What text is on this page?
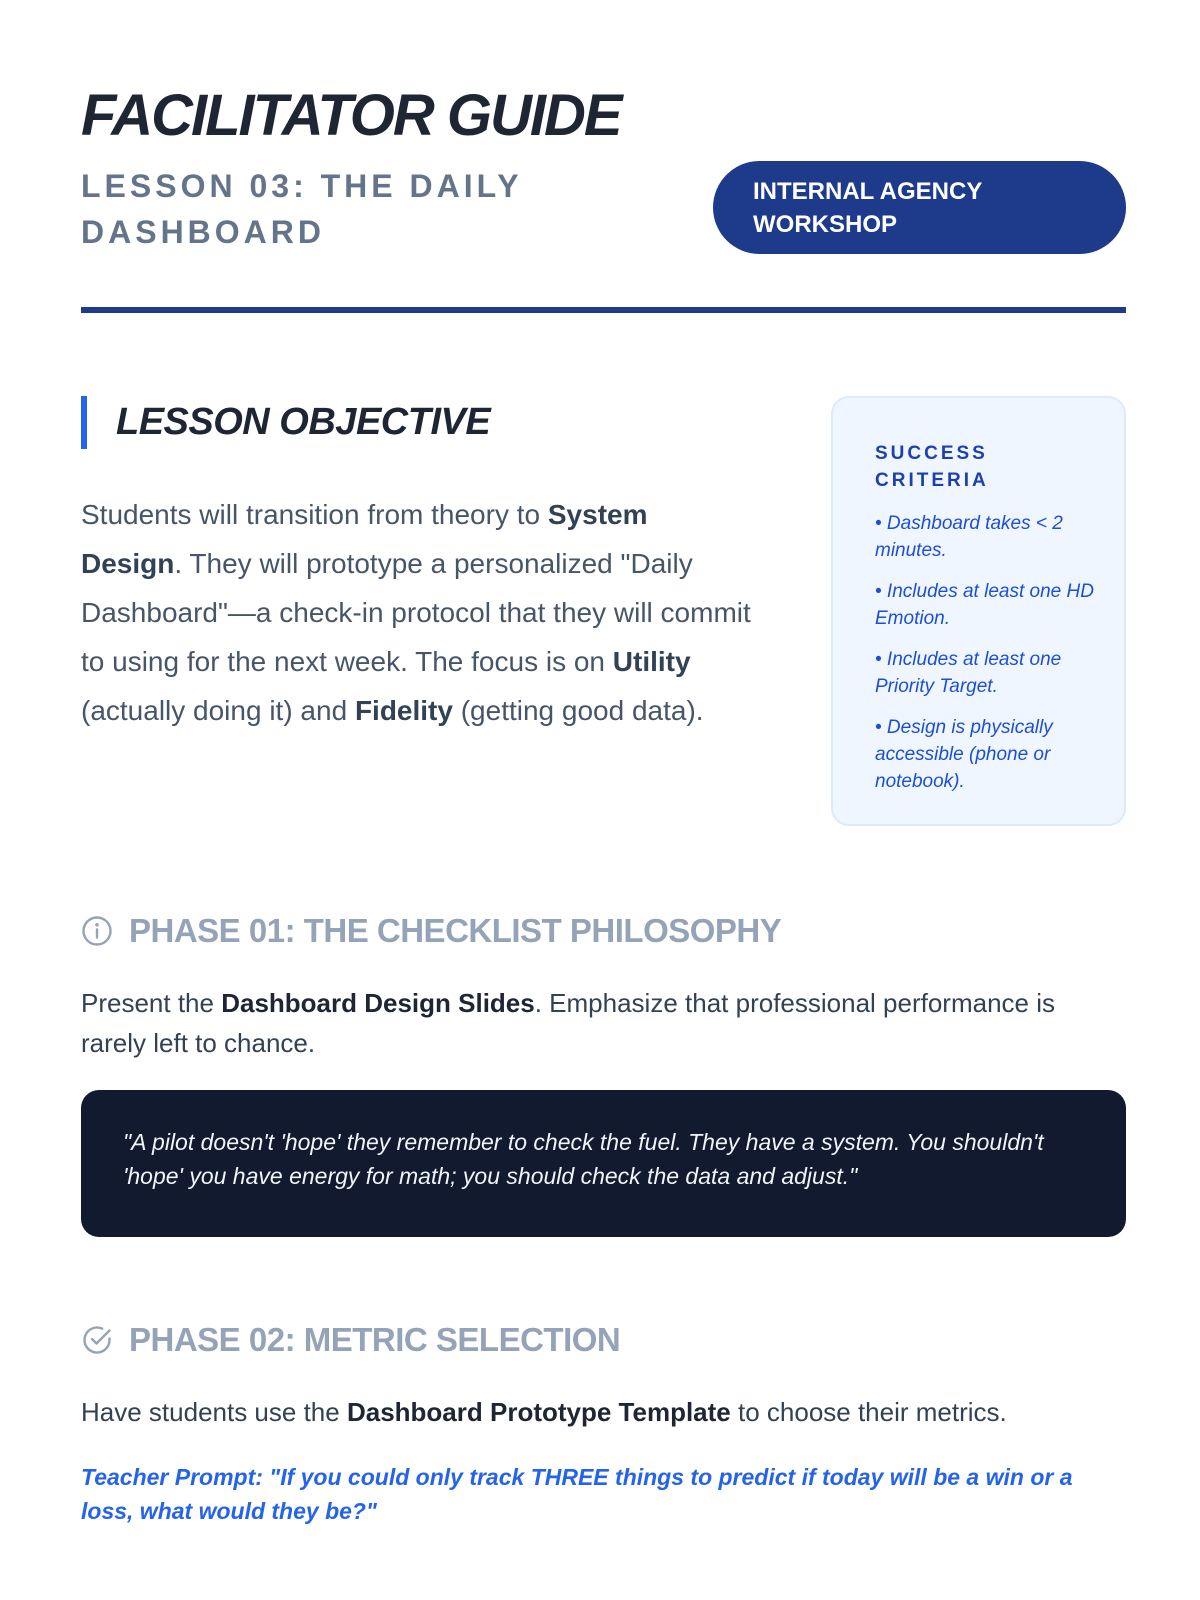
FACILITATOR GUIDE
LESSON 03: THE DAILY DASHBOARD
INTERNAL AGENCY WORKSHOP
LESSON OBJECTIVE

Students will transition from theory to System Design. They will prototype a personalized "Daily Dashboard"—a check-in protocol that they will commit to using for the next week. The focus is on Utility (actually doing it) and Fidelity (getting good data).

SUCCESS CRITERIA
• Dashboard takes < 2 minutes.
• Includes at least one HD Emotion.
• Includes at least one Priority Target.
• Design is physically accessible (phone or notebook).
PHASE 01: THE CHECKLIST PHILOSOPHY

Present the Dashboard Design Slides. Emphasize that professional performance is rarely left to chance.

"A pilot doesn't 'hope' they remember to check the fuel. They have a system. You shouldn't 'hope' you have energy for math; you should check the data and adjust."
PHASE 02: METRIC SELECTION

Have students use the Dashboard Prototype Template to choose their metrics.

Teacher Prompt: "If you could only track THREE things to predict if today will be a win or a loss, what would they be?"
